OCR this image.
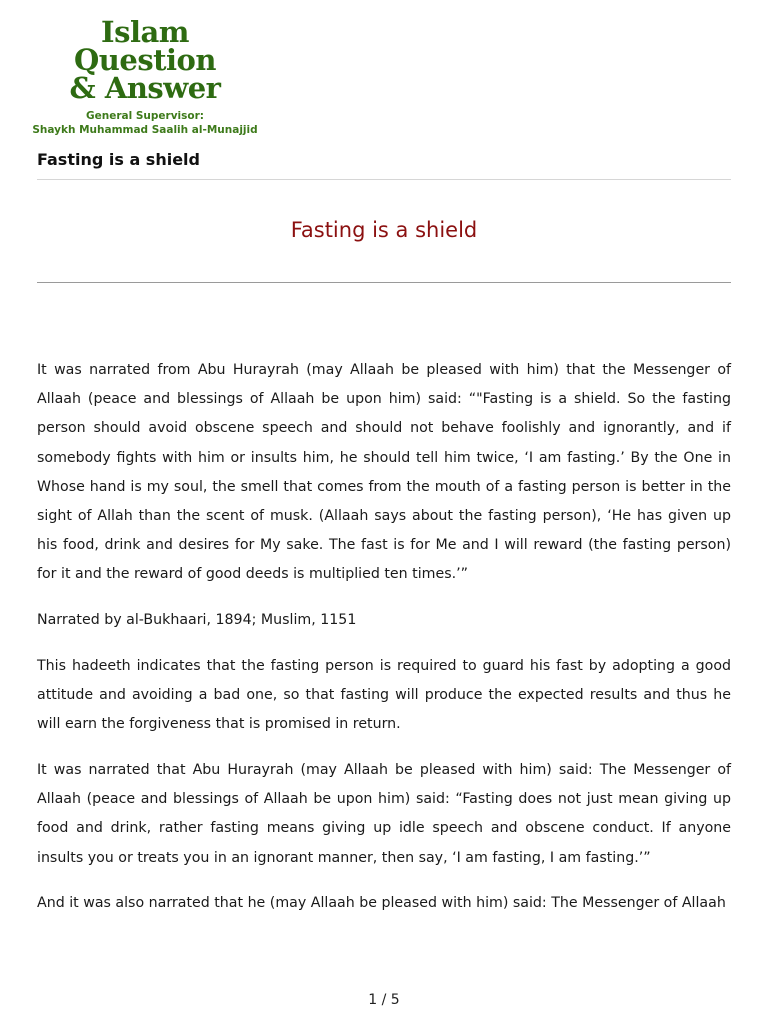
Islam Question
& Answer
General Supervisor:
Shaykh Muhammad Saalih al-Munajjid
Fasting is a shield
Fasting is a shield

It was narrated from Abu Hurayrah (may Allaah be pleased with him) that the Messenger of Allaah (peace and blessings of Allaah be upon him) said: “"Fasting is a shield. So the fasting person should avoid obscene speech and should not behave foolishly and ignorantly, and if somebody fights with him or insults him, he should tell him twice, ‘I am fasting.’ By the One in Whose hand is my soul, the smell that comes from the mouth of a fasting person is better in the sight of Allah than the scent of musk. (Allaah says about the fasting person), ‘He has given up his food, drink and desires for My sake. The fast is for Me and I will reward (the fasting person) for it and the reward of good deeds is multiplied ten times.’”

Narrated by al-Bukhaari, 1894; Muslim, 1151

This hadeeth indicates that the fasting person is required to guard his fast by adopting a good attitude and avoiding a bad one, so that fasting will produce the expected results and thus he will earn the forgiveness that is promised in return.

It was narrated that Abu Hurayrah (may Allaah be pleased with him) said: The Messenger of Allaah (peace and blessings of Allaah be upon him) said: “Fasting does not just mean giving up food and drink, rather fasting means giving up idle speech and obscene conduct. If anyone insults you or treats you in an ignorant manner, then say, ‘I am fasting, I am fasting.’”

And it was also narrated that he (may Allaah be pleased with him) said: The Messenger of Allaah

1 / 5
